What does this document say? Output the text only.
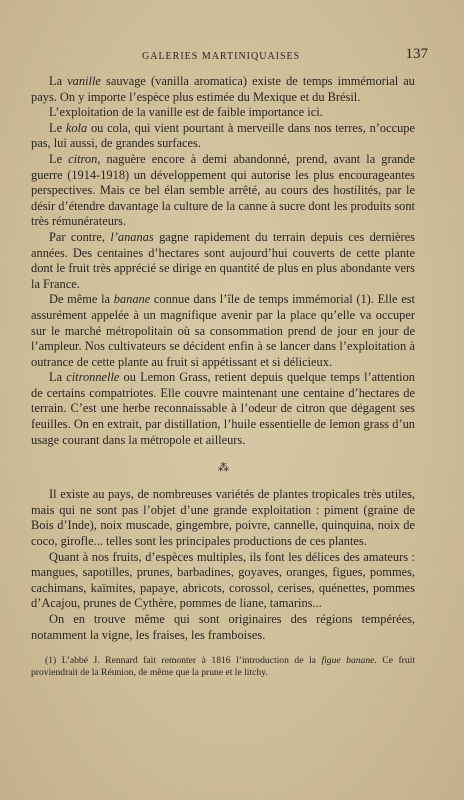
GALERIES MARTINIQUAISES	137

La vanille sauvage (vanilla aromatica) existe de temps immémorial au pays. On y importe l’espèce plus estimée du Mexique et du Brésil.

L’exploitation de la vanille est de faible importance ici.

Le kola ou cola, qui vient pourtant à merveille dans nos terres, n’occupe pas, lui aussi, de grandes surfaces.

Le citron, naguère encore à demi abandonné, prend, avant la grande guerre (1914-1918) un développement qui autorise les plus encourageantes perspectives. Mais ce bel élan semble arrêté, au cours des hostilités, par le désir d’étendre davantage la culture de la canne à sucre dont les produits sont très rémunérateurs.

Par contre, l’ananas gagne rapidement du terrain depuis ces dernières années. Des centaines d’hectares sont aujourd’hui couverts de cette plante dont le fruit très apprécié se dirige en quantité de plus en plus abondante vers la France.

De même la banane connue dans l’île de temps immémorial (1). Elle est assurément appelée à un magnifique avenir par la place qu’elle va occuper sur le marché métropolitain où sa consommation prend de jour en jour de l’ampleur. Nos cultivateurs se décident enfin à se lancer dans l’exploitation à outrance de cette plante au fruit si appétissant et si délicieux.

La citronnelle ou Lemon Grass, retient depuis quelque temps l’attention de certains compatriotes. Elle couvre maintenant une centaine d’hectares de terrain. C’est une herbe reconnaissable à l’odeur de citron que dégagent ses feuilles. On en extrait, par distillation, l’huile essentielle de lemon grass d’un usage courant dans la métropole et ailleurs.

⁂

Il existe au pays, de nombreuses variétés de plantes tropicales très utiles, mais qui ne sont pas l’objet d’une grande exploitation : piment (graine de Bois d’Inde), noix muscade, gingembre, poivre, cannelle, quinquina, noix de coco, girofle... telles sont les principales productions de ces plantes.

Quant à nos fruits, d’espèces multiples, ils font les délices des amateurs : mangues, sapotilles, prunes, barbadines, goyaves, oranges, figues, pommes, cachimans, kaïmites, papaye, abricots, corossol, cerises, quénettes, pommes d’Acajou, prunes de Cythère, pommes de liane, tamarins...

On en trouve même qui sont originaires des régions tempérées, notamment la vigne, les fraises, les framboises.

(1) L’abbé J. Rennard fait remonter à 1816 l’introduction de la figue banane. Ce fruit proviendrait de la Réunion, de même que la prune et le litchy.
